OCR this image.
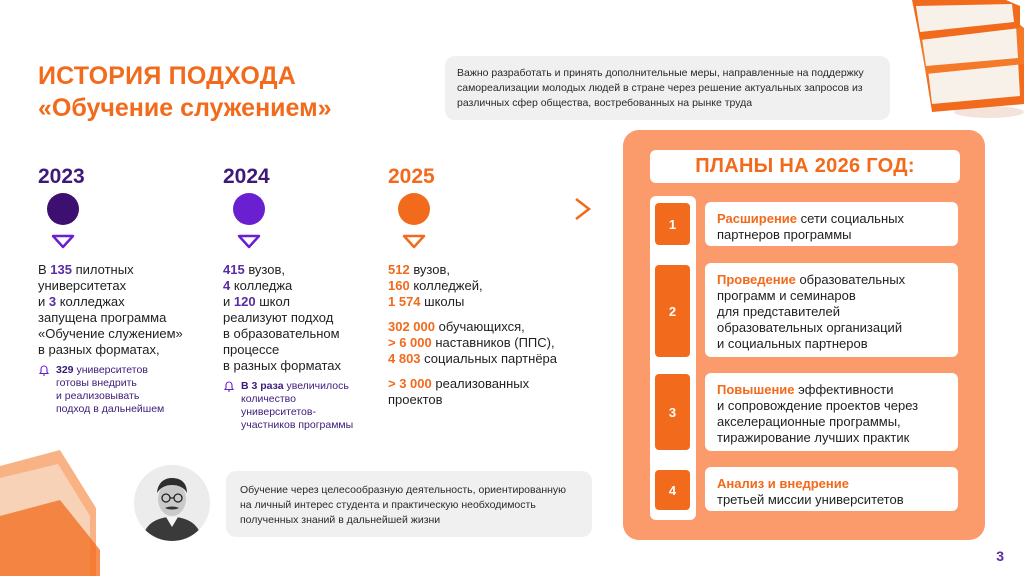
ИСТОРИЯ ПОДХОДА
«Обучение служением»
Важно разработать и принять дополнительные меры, направленные на поддержку самореализации молодых людей в стране через решение актуальных запросов из различных сфер общества, востребованных на рынке труда
2023	2024	2025
В 135 пилотных
университетах
и 3 колледжах
запущена программа
«Обучение служением»
в разных форматах,
329 университетов
готовы внедрить
и реализовывать
подход в дальнейшем
415 вузов,
4 колледжа
и 120 школ
реализуют подход
в образовательном
процессе
в разных форматах
В 3 раза увеличилось
количество
университетов-
участников программы
512 вузов,
160 колледжей,
1 574 школы
302 000 обучающихся,
> 6 000 наставников (ППС),
4 803 социальных партнёра
> 3 000 реализованных
проектов
Обучение через целесообразную деятельность, ориентированную на личный интерес студента и практическую необходимость полученных знаний в дальнейшей жизни
ПЛАНЫ НА 2026 ГОД:
1
2
3
4
Расширение сети социальных
партнеров программы
Проведение образовательных
программ и семинаров
для представителей
образовательных организаций
и социальных партнеров
Повышение эффективности
и сопровождение проектов через
акселерационные программы,
тиражирование лучших практик
Анализ и внедрение
третьей миссии университетов
3
